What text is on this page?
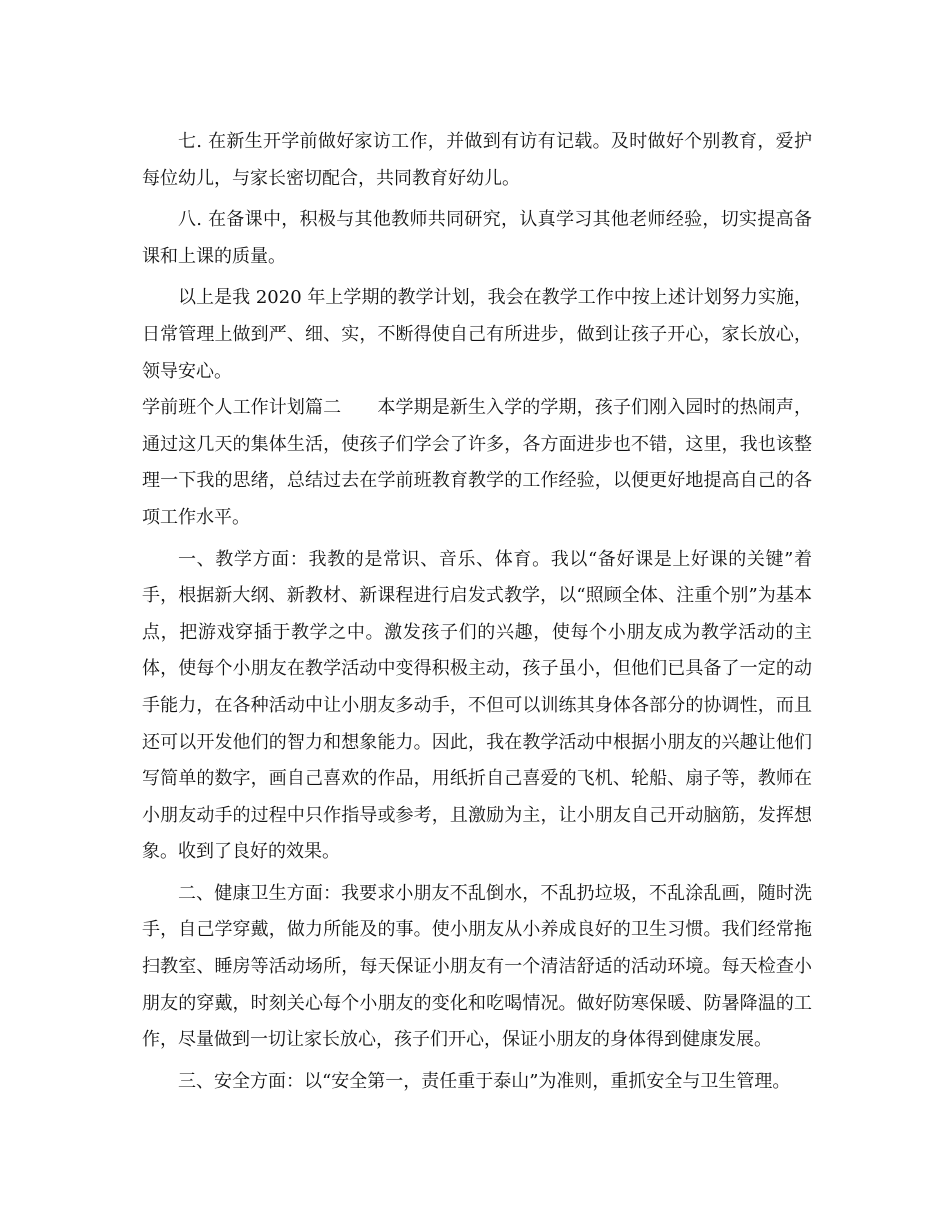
七. 在新生开学前做好家访工作，并做到有访有记载。及时做好个别教育，爱护每位幼儿，与家长密切配合，共同教育好幼儿。

八. 在备课中，积极与其他教师共同研究，认真学习其他老师经验，切实提高备课和上课的质量。

以上是我 2020 年上学期的教学计划，我会在教学工作中按上述计划努力实施，日常管理上做到严、细、实，不断得使自己有所进步，做到让孩子开心，家长放心，领导安心。

学前班个人工作计划篇二 本学期是新生入学的学期，孩子们刚入园时的热闹声，通过这几天的集体生活，使孩子们学会了许多，各方面进步也不错，这里，我也该整理一下我的思绪，总结过去在学前班教育教学的工作经验，以便更好地提高自己的各项工作水平。

一、教学方面：我教的是常识、音乐、体育。我以“备好课是上好课的关键”着手，根据新大纲、新教材、新课程进行启发式教学，以“照顾全体、注重个别”为基本点，把游戏穿插于教学之中。激发孩子们的兴趣，使每个小朋友成为教学活动的主体，使每个小朋友在教学活动中变得积极主动，孩子虽小，但他们已具备了一定的动手能力，在各种活动中让小朋友多动手，不但可以训练其身体各部分的协调性，而且还可以开发他们的智力和想象能力。因此，我在教学活动中根据小朋友的兴趣让他们写简单的数字，画自己喜欢的作品，用纸折自己喜爱的飞机、轮船、扇子等，教师在小朋友动手的过程中只作指导或参考，且激励为主，让小朋友自己开动脑筋，发挥想象。收到了良好的效果。

二、健康卫生方面：我要求小朋友不乱倒水，不乱扔垃圾，不乱涂乱画，随时洗手，自己学穿戴，做力所能及的事。使小朋友从小养成良好的卫生习惯。我们经常拖扫教室、睡房等活动场所，每天保证小朋友有一个清洁舒适的活动环境。每天检查小朋友的穿戴，时刻关心每个小朋友的变化和吃喝情况。做好防寒保暖、防暑降温的工作，尽量做到一切让家长放心，孩子们开心，保证小朋友的身体得到健康发展。

三、安全方面：以“安全第一，责任重于泰山”为准则，重抓安全与卫生管理。
